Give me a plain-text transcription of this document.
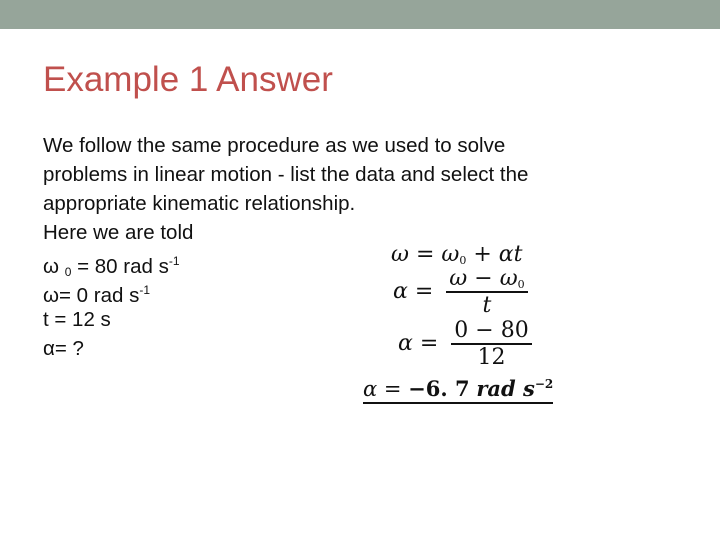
Example 1 Answer
We follow the same procedure as we used to solve
problems in linear motion - list the data and select the
appropriate kinematic relationship.
Here we are told
ω $_0$ = 80 rad $s^{-1}$
ω= 0 rad $s^{-1}$
t = 12 s
α= ?
ω = ω0 + αt
$\alpha = \frac{\omega - \omega 0}{t}$
$\alpha = \frac{0 - 80}{12}$
α = −6. 7 rad $s^{-2}$
